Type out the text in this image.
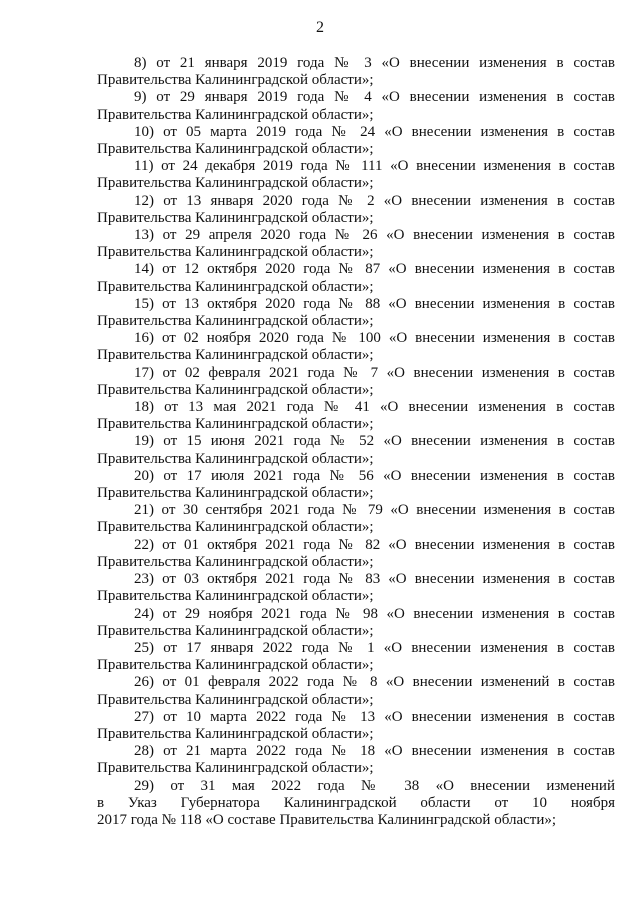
2
8) от 21 января 2019 года № 3 «О внесении изменения в состав
Правительства Калининградской области»;
9) от 29 января 2019 года № 4 «О внесении изменения в состав
Правительства Калининградской области»;
10) от 05 марта 2019 года № 24 «О внесении изменения в состав
Правительства Калининградской области»;
11) от 24 декабря 2019 года № 111 «О внесении изменения в состав
Правительства Калининградской области»;
12) от 13 января 2020 года № 2 «О внесении изменения в состав
Правительства Калининградской области»;
13) от 29 апреля 2020 года № 26 «О внесении изменения в состав
Правительства Калининградской области»;
14) от 12 октября 2020 года № 87 «О внесении изменения в состав
Правительства Калининградской области»;
15) от 13 октября 2020 года № 88 «О внесении изменения в состав
Правительства Калининградской области»;
16) от 02 ноября 2020 года № 100 «О внесении изменения в состав
Правительства Калининградской области»;
17) от 02 февраля 2021 года № 7 «О внесении изменения в состав
Правительства Калининградской области»;
18) от 13 мая 2021 года № 41 «О внесении изменения в состав
Правительства Калининградской области»;
19) от 15 июня 2021 года № 52 «О внесении изменения в состав
Правительства Калининградской области»;
20) от 17 июля 2021 года № 56 «О внесении изменения в состав
Правительства Калининградской области»;
21) от 30 сентября 2021 года № 79 «О внесении изменения в состав
Правительства Калининградской области»;
22) от 01 октября 2021 года № 82 «О внесении изменения в состав
Правительства Калининградской области»;
23) от 03 октября 2021 года № 83 «О внесении изменения в состав
Правительства Калининградской области»;
24) от 29 ноября 2021 года № 98 «О внесении изменения в состав
Правительства Калининградской области»;
25) от 17 января 2022 года № 1 «О внесении изменения в состав
Правительства Калининградской области»;
26) от 01 февраля 2022 года № 8 «О внесении изменений в состав
Правительства Калининградской области»;
27) от 10 марта 2022 года № 13 «О внесении изменения в состав
Правительства Калининградской области»;
28) от 21 марта 2022 года № 18 «О внесении изменения в состав
Правительства Калининградской области»;
29) от 31 мая 2022 года № 38 «О внесении изменений
в Указ Губернатора Калининградской области от 10 ноября
2017 года № 118 «О составе Правительства Калининградской области»;
